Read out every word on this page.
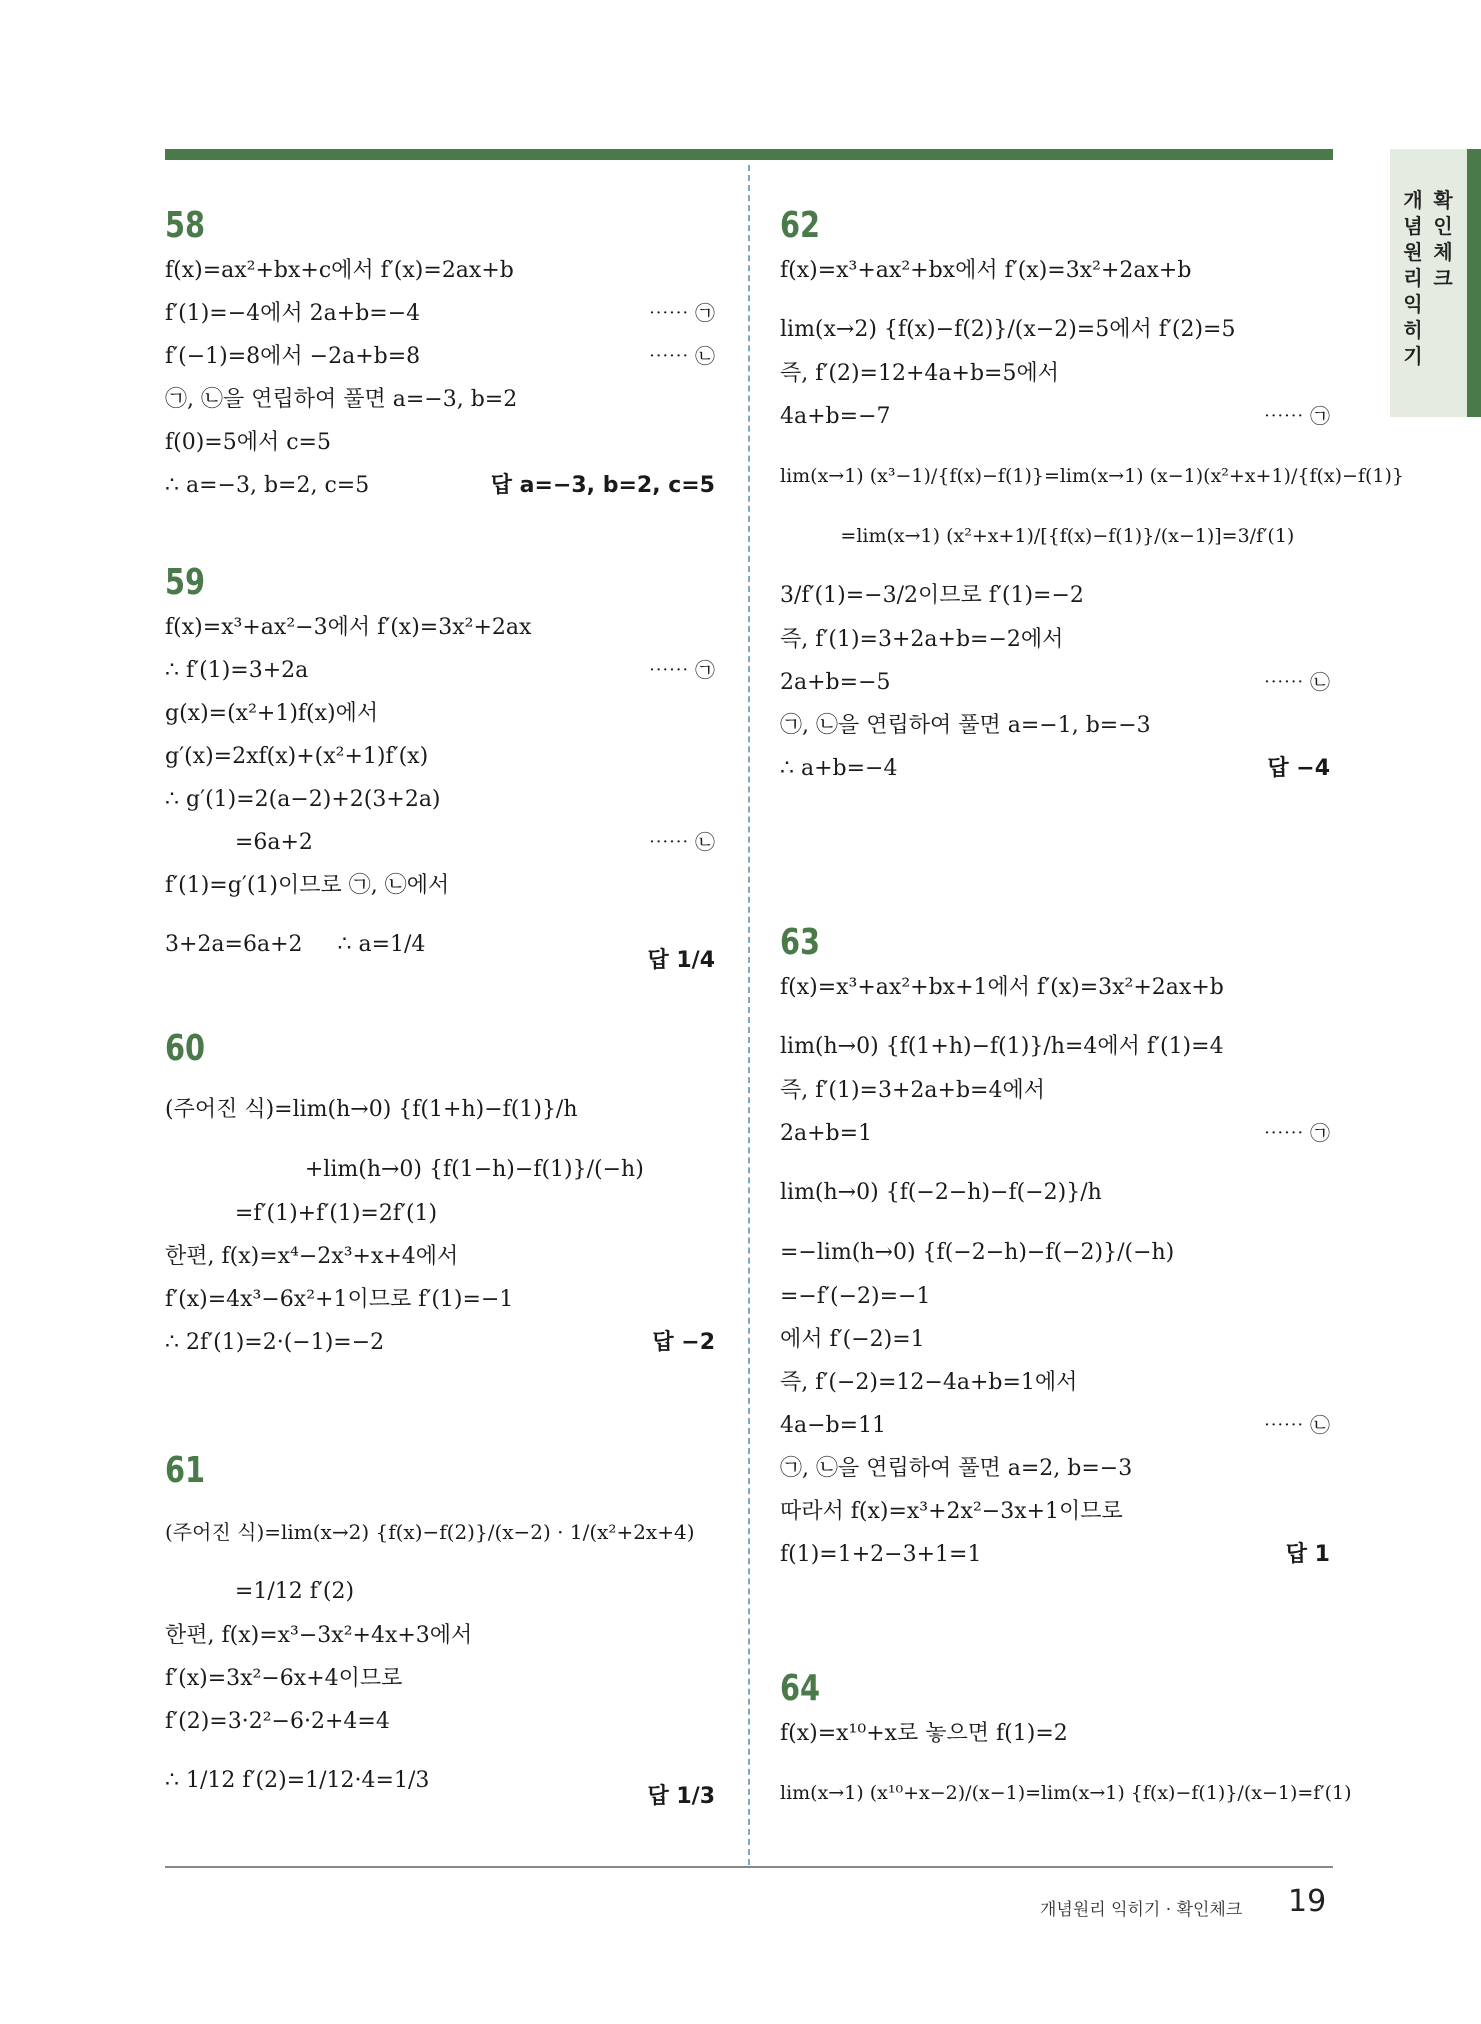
개념원리 익히기
확인체크
58
f(x)=ax²+bx+c에서 f′(x)=2ax+b
f′(1)=−4에서 2a+b=−4	⋯⋯ ㉠
f′(−1)=8에서 −2a+b=8	⋯⋯ ㉡
㉠, ㉡을 연립하여 풀면 a=−3, b=2
f(0)=5에서 c=5
∴ a=−3, b=2, c=5	답 a=−3, b=2, c=5
59
f(x)=x³+ax²−3에서 f′(x)=3x²+2ax
∴ f′(1)=3+2a	⋯⋯ ㉠
g(x)=(x²+1)f(x)에서
g′(x)=2xf(x)+(x²+1)f′(x)
∴ g′(1)=2(a−2)+2(3+2a)
=6a+2	⋯⋯ ㉡
f′(1)=g′(1)이므로 ㉠, ㉡에서
3+2a=6a+2     ∴ a=1/4
답 1/4
60
(주어진 식)=lim(h→0) {f(1+h)−f(1)}/h
+lim(h→0) {f(1−h)−f(1)}/(−h)
=f′(1)+f′(1)=2f′(1)
한편, f(x)=x⁴−2x³+x+4에서
f′(x)=4x³−6x²+1이므로 f′(1)=−1
∴ 2f′(1)=2·(−1)=−2	답 −2
61
(주어진 식)=lim(x→2) {f(x)−f(2)}/(x−2) · 1/(x²+2x+4)
=1/12 f′(2)
한편, f(x)=x³−3x²+4x+3에서
f′(x)=3x²−6x+4이므로
f′(2)=3·2²−6·2+4=4
∴ 1/12 f′(2)=1/12·4=1/3
답 1/3
62
f(x)=x³+ax²+bx에서 f′(x)=3x²+2ax+b
lim(x→2) {f(x)−f(2)}/(x−2)=5에서 f′(2)=5
즉, f′(2)=12+4a+b=5에서
4a+b=−7	⋯⋯ ㉠
lim(x→1) (x³−1)/{f(x)−f(1)}=lim(x→1) (x−1)(x²+x+1)/{f(x)−f(1)}
=lim(x→1) (x²+x+1)/[{f(x)−f(1)}/(x−1)]=3/f′(1)
3/f′(1)=−3/2이므로 f′(1)=−2
즉, f′(1)=3+2a+b=−2에서
2a+b=−5	⋯⋯ ㉡
㉠, ㉡을 연립하여 풀면 a=−1, b=−3
∴ a+b=−4	답 −4
63
f(x)=x³+ax²+bx+1에서 f′(x)=3x²+2ax+b
lim(h→0) {f(1+h)−f(1)}/h=4에서 f′(1)=4
즉, f′(1)=3+2a+b=4에서
2a+b=1	⋯⋯ ㉠
lim(h→0) {f(−2−h)−f(−2)}/h
=−lim(h→0) {f(−2−h)−f(−2)}/(−h)
=−f′(−2)=−1
에서 f′(−2)=1
즉, f′(−2)=12−4a+b=1에서
4a−b=11	⋯⋯ ㉡
㉠, ㉡을 연립하여 풀면 a=2, b=−3
따라서 f(x)=x³+2x²−3x+1이므로
f(1)=1+2−3+1=1	답 1
64
f(x)=x¹⁰+x로 놓으면 f(1)=2
lim(x→1) (x¹⁰+x−2)/(x−1)=lim(x→1) {f(x)−f(1)}/(x−1)=f′(1)
개념원리 익히기 · 확인체크 19
